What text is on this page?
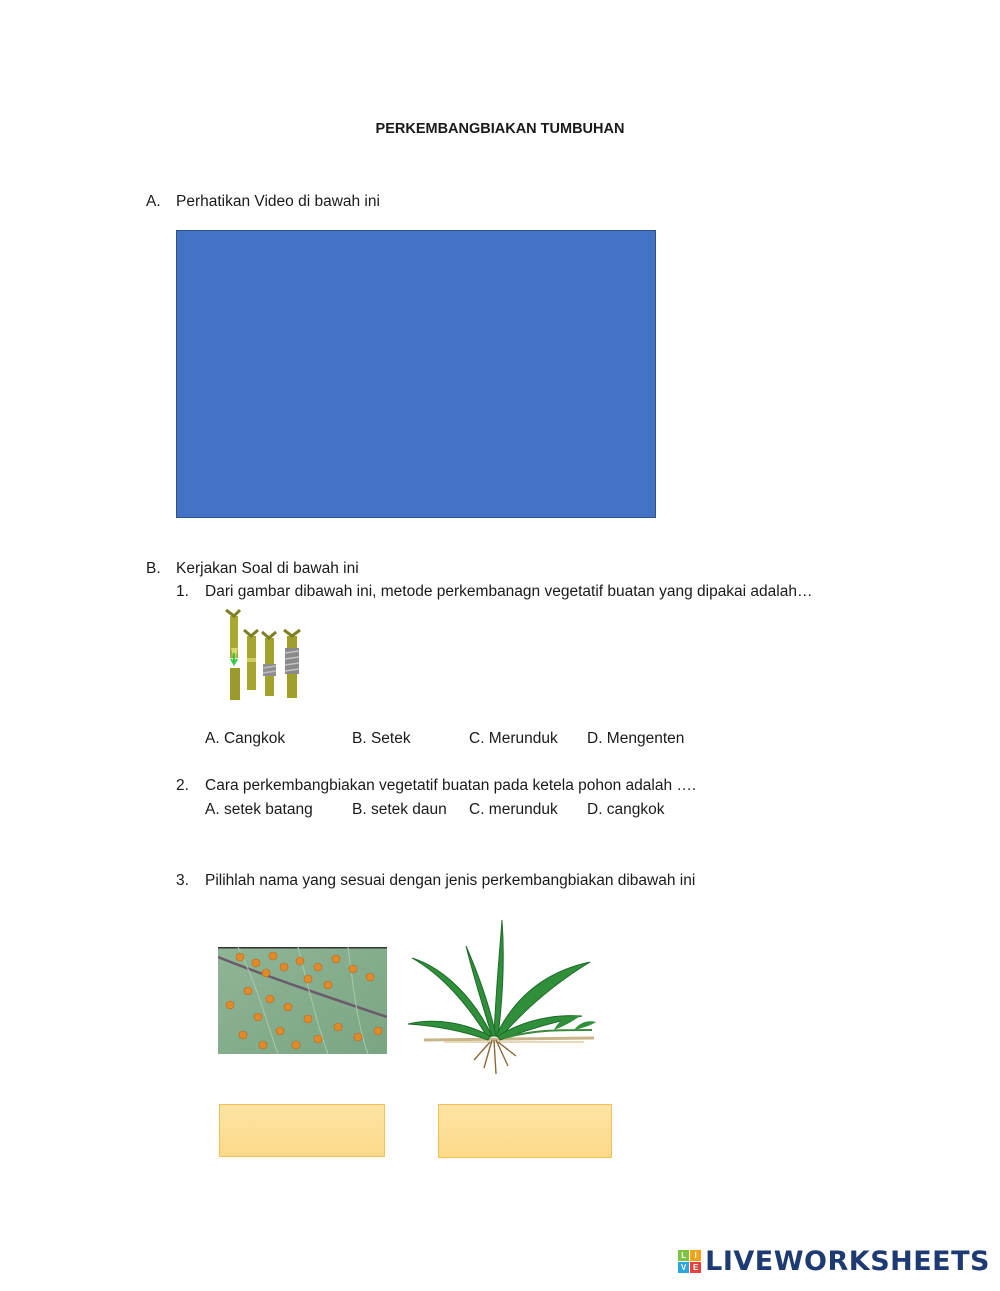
PERKEMBANGBIAKAN TUMBUHAN
A. Perhatikan Video di bawah ini
B. Kerjakan Soal di bawah ini
1. Dari gambar dibawah ini, metode perkembanagn vegetatif buatan yang dipakai adalah…
A. Cangkok	B. Setek	C. Merunduk D. Mengenten
2. Cara perkembangbiakan vegetatif buatan pada ketela pohon adalah ….
A. setek batang	B. setek daun C. merunduk D. cangkok
3. Pilihlah nama yang sesuai dengan jenis perkembangbiakan dibawah ini
L	I
V E LIVEWORKSHEETS
